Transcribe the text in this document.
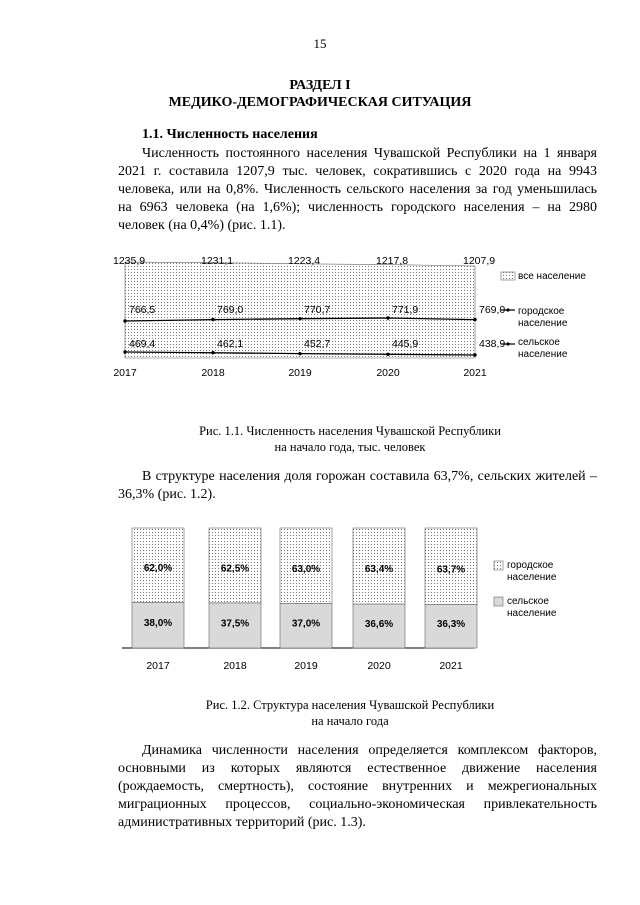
15
РАЗДЕЛ I
МЕДИКО-ДЕМОГРАФИЧЕСКАЯ СИТУАЦИЯ
1.1. Численность населения

Численность постоянного населения Чувашской Республики на 1 января 2021 г. составила 1207,9 тыс. человек, сократившись с 2020 года на 9943 человека, или на 0,8%. Численность сельского населения за год уменьшилась на 6963 человека (на 1,6%); численность городского населения – на 2980 человек (на 0,4%) (рис. 1.1).

766,5	769,0	770,7	771,9	769,0
469,4	462,1	452,7	445,9	438,9
1235,9	1231,1	1223,4	1217,8	1207,9
2017	2018	2019	2020	2021
все население
городское население
сельское население
Рис. 1.1. Численность населения Чувашской Республики
на начало года, тыс. человек

В структуре населения доля горожан составила 63,7%, сельских жителей – 36,3% (рис. 1.2).

62,0%
38,0%
62,5%
37,5%
63,0%
37,0%
63,4%
36,6%
63,7%
36,3%
2017	2018	2019	2020	2021
городское население
сельское население
Рис. 1.2. Структура населения Чувашской Республики
на начало года

Динамика численности населения определяется комплексом факторов, основными из которых являются естественное движение населения (рождаемость, смертность), состояние внутренних и межрегиональных миграционных процессов, социально-экономическая привлекательность административных территорий (рис. 1.3).
